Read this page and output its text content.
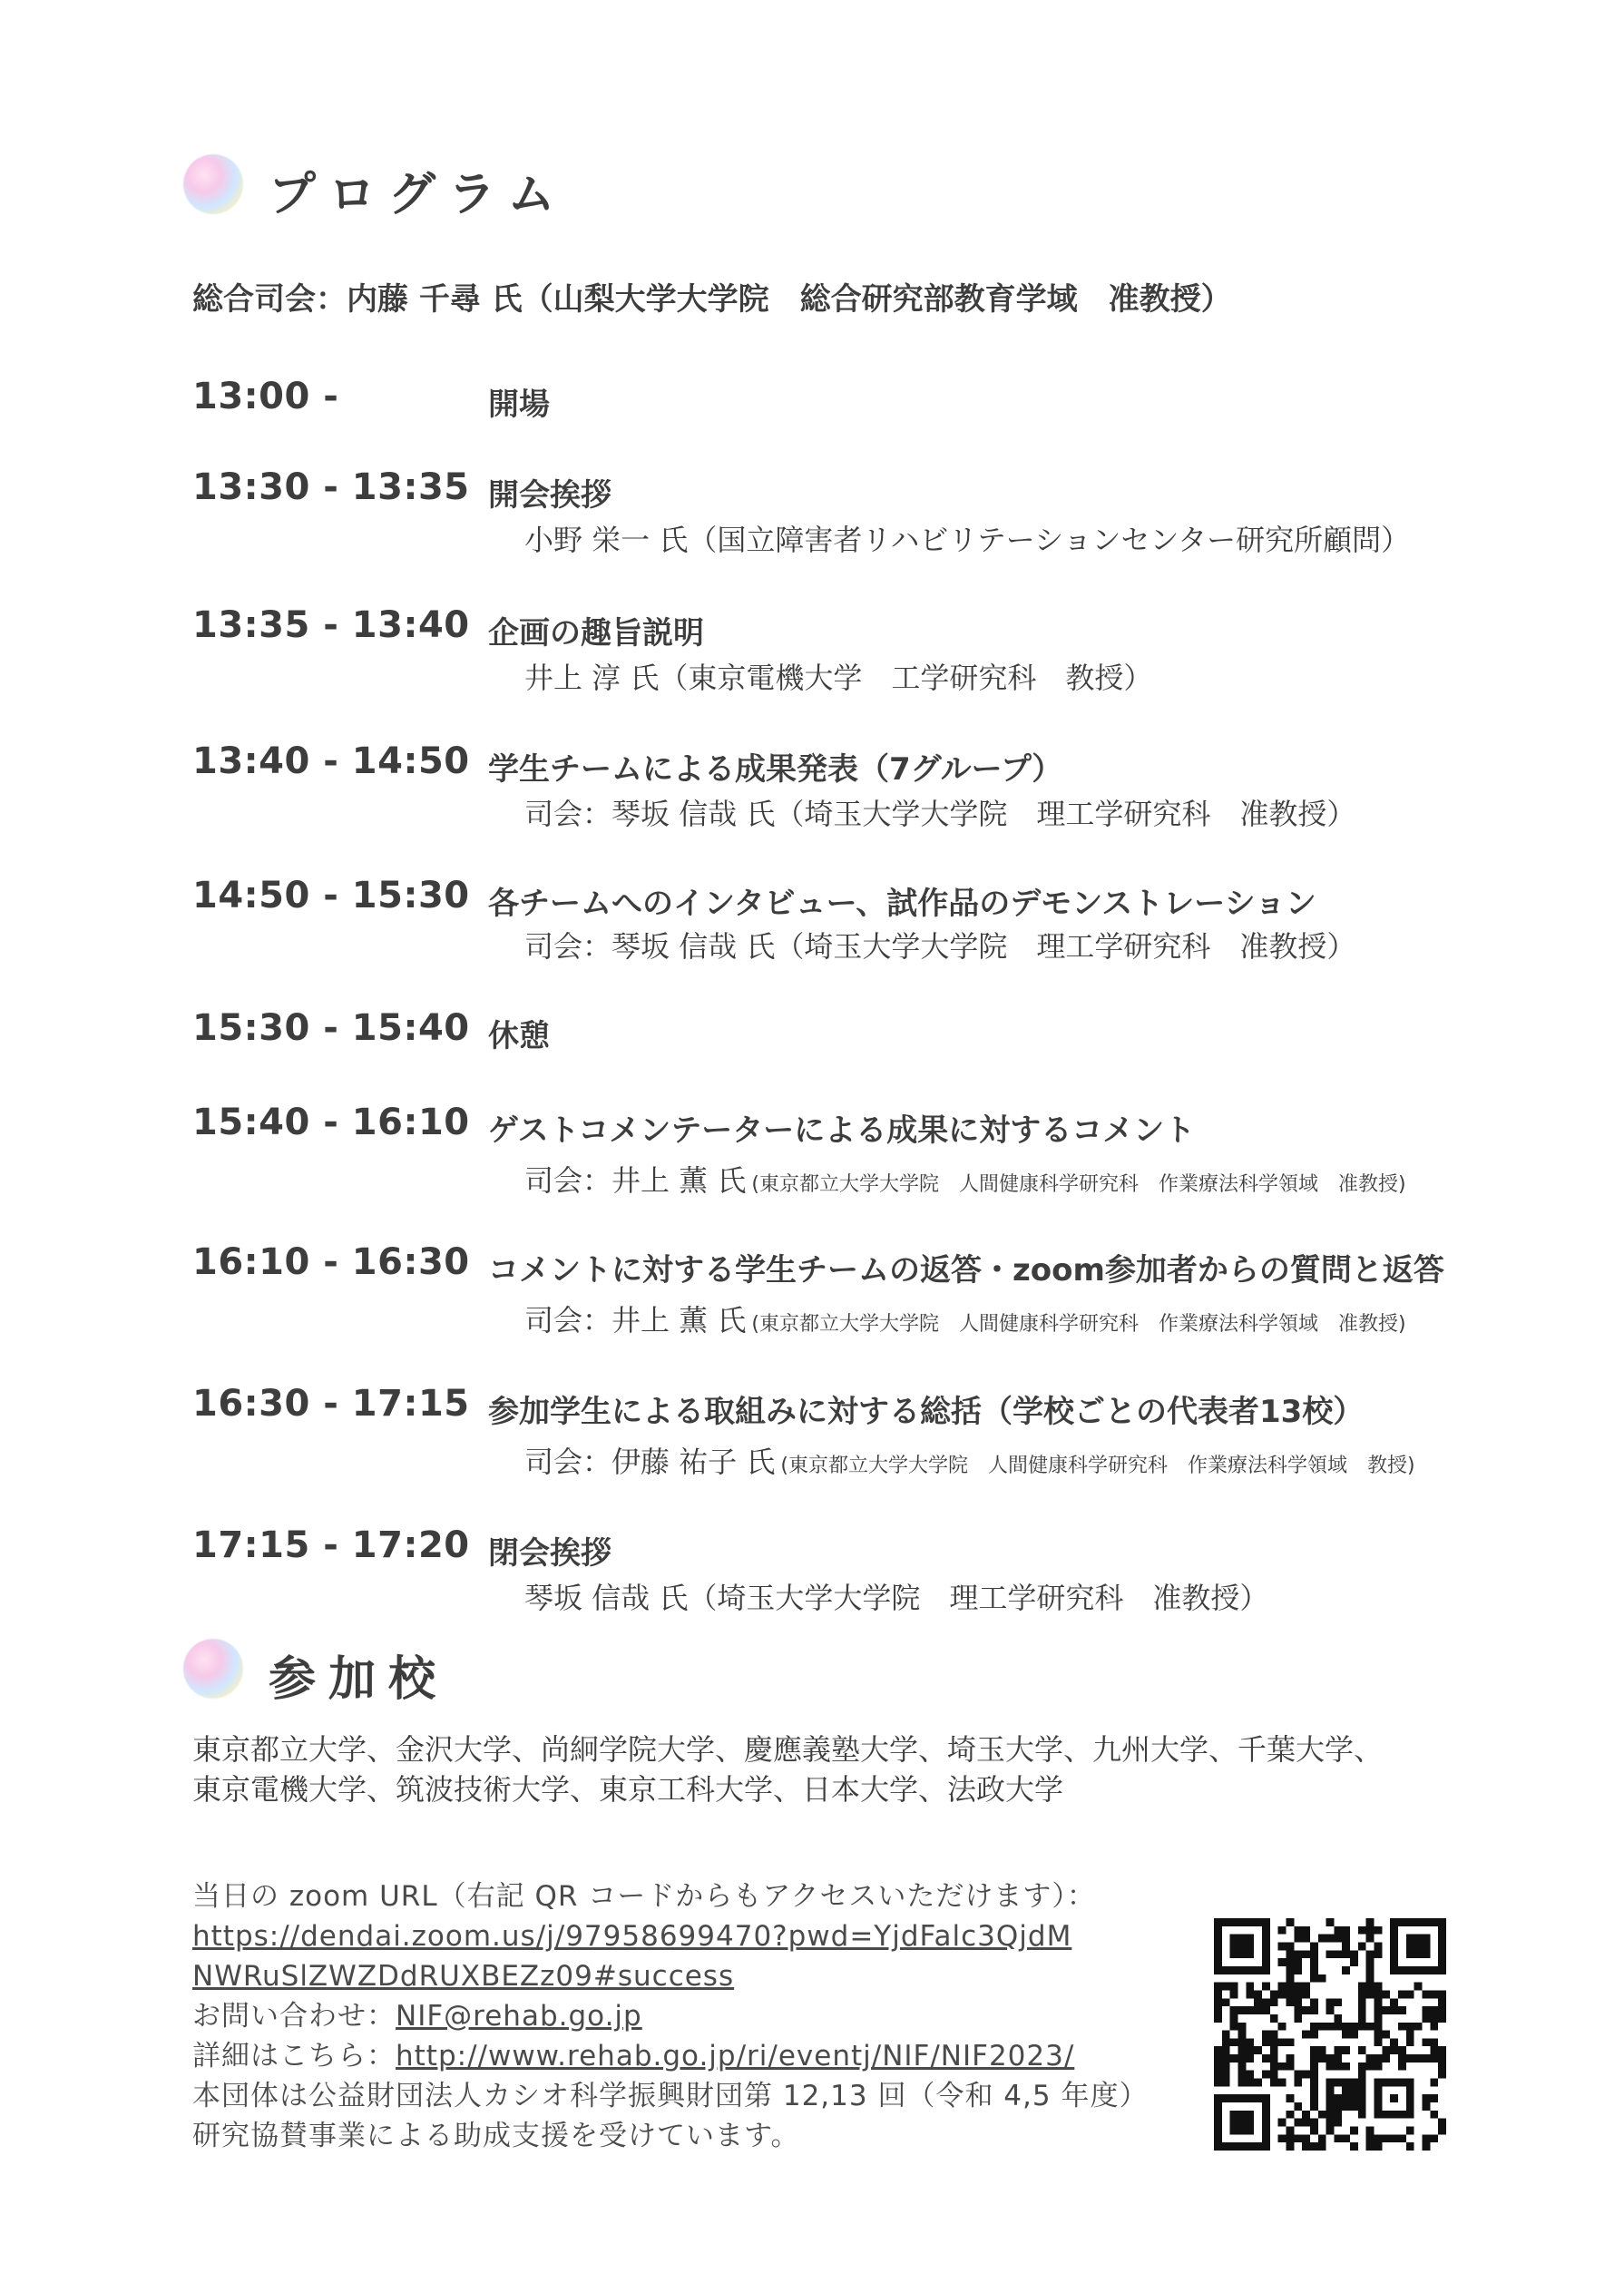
プログラム
総合司会：内藤 千尋 氏（山梨大学大学院　総合研究部教育学域　准教授）
13:00 -	開場
13:30 - 13:35 開会挨拶
小野 栄一 氏（国立障害者リハビリテーションセンター研究所顧問）
13:35 - 13:40 企画の趣旨説明
井上 淳 氏（東京電機大学　工学研究科　教授）
13:40 - 14:50 学生チームによる成果発表（7グループ）
司会：琴坂 信哉 氏（埼玉大学大学院　理工学研究科　准教授）
14:50 - 15:30 各チームへのインタビュー、試作品のデモンストレーション
司会：琴坂 信哉 氏（埼玉大学大学院　理工学研究科　准教授）
15:30 - 15:40 休憩
15:40 - 16:10 ゲストコメンテーターによる成果に対するコメント
司会：井上 薫 氏 (東京都立大学大学院　人間健康科学研究科　作業療法科学領域　准教授)
16:10 - 16:30 コメントに対する学生チームの返答・zoom参加者からの質問と返答
司会：井上 薫 氏 (東京都立大学大学院　人間健康科学研究科　作業療法科学領域　准教授)
16:30 - 17:15 参加学生による取組みに対する総括（学校ごとの代表者13校）
司会：伊藤 祐子 氏 (東京都立大学大学院　人間健康科学研究科　作業療法科学領域　教授)
17:15 - 17:20 閉会挨拶
琴坂 信哉 氏（埼玉大学大学院　理工学研究科　准教授）
参加校
東京都立大学、金沢大学、尚絅学院大学、慶應義塾大学、埼玉大学、九州大学、千葉大学、
東京電機大学、筑波技術大学、東京工科大学、日本大学、法政大学
当日の zoom URL（右記 QR コードからもアクセスいただけます）：
https://dendai.zoom.us/j/97958699470?pwd=YjdFalc3QjdM
NWRuSlZWZDdRUXBEZz09#success
お問い合わせ：NIF@rehab.go.jp
詳細はこちら：http://www.rehab.go.jp/ri/eventj/NIF/NIF2023/
本団体は公益財団法人カシオ科学振興財団第 12,13 回（令和 4,5 年度）
研究協賛事業による助成支援を受けています。
